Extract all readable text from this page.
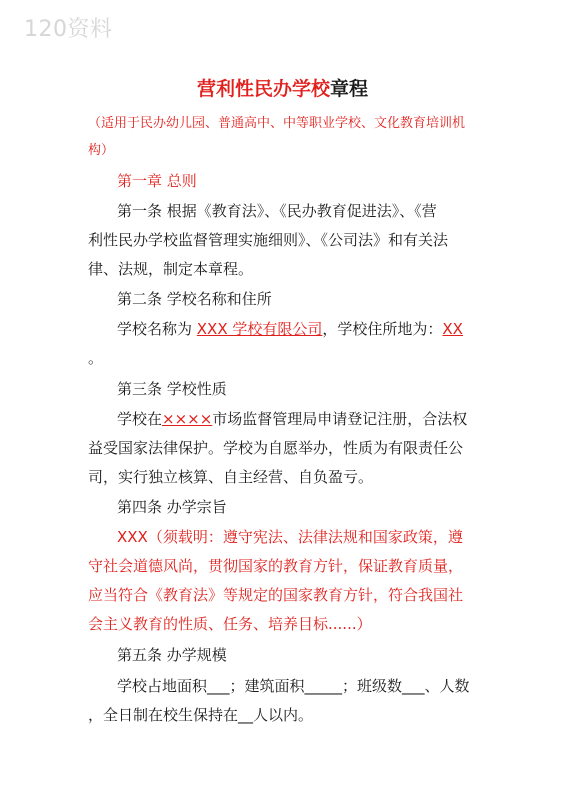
120资料
营利性民办学校章程
（适用于民办幼儿园、普通高中、中等职业学校、文化教育培训机
构）
第一章 总则
第一条 根据《教育法》、《民办教育促进法》、《营
利性民办学校监督管理实施细则》、《公司法》和有关法
律、法规，制定本章程。
第二条 学校名称和住所
学校名称为 XXX 学校有限公司，学校住所地为：XX
。
第三条 学校性质
学校在××××市场监督管理局申请登记注册，合法权
益受国家法律保护。学校为自愿举办，性质为有限责任公
司，实行独立核算、自主经营、自负盈亏。
第四条 办学宗旨
XXX（须载明：遵守宪法、法律法规和国家政策，遵
守社会道德风尚，贯彻国家的教育方针，保证教育质量，
应当符合《教育法》等规定的国家教育方针，符合我国社
会主义教育的性质、任务、培养目标......）
第五条 办学规模
学校占地面积___；建筑面积_____；班级数___、人数
，全日制在校生保持在__人以内。
